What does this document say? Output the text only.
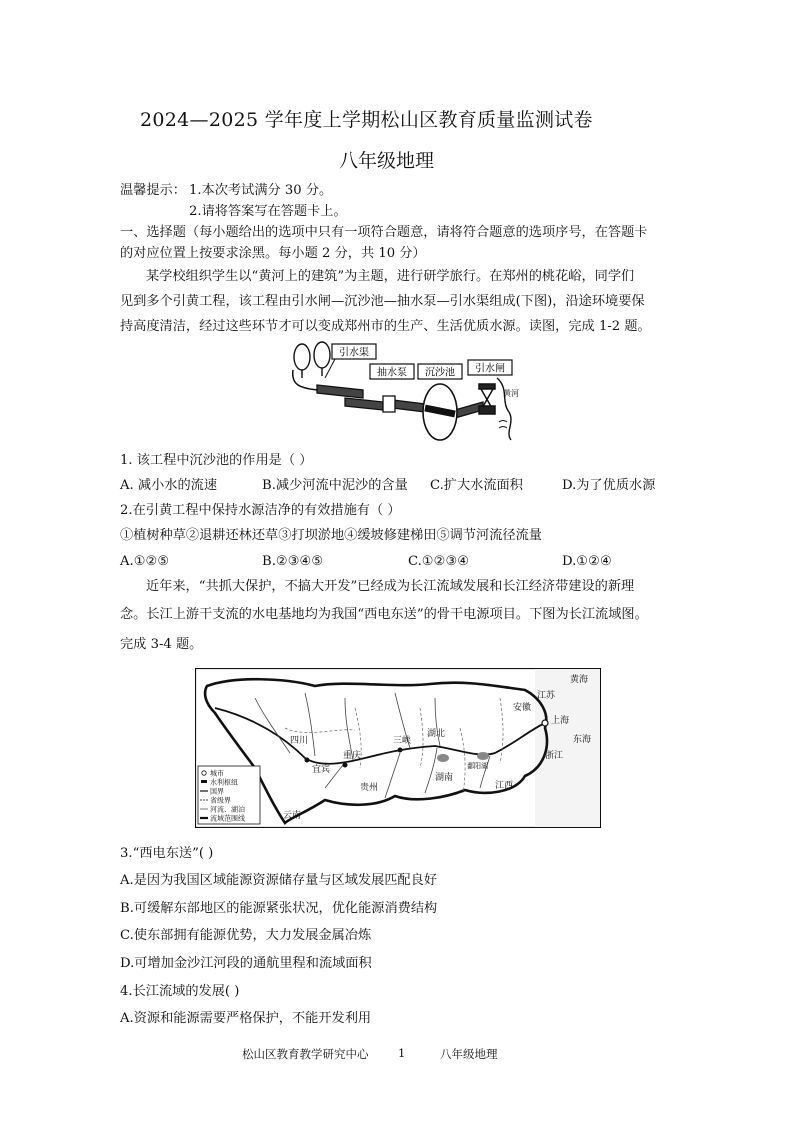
2024—2025 学年度上学期松山区教育质量监测试卷
八年级地理
温馨提示： 1.本次考试满分 30 分。
2.请将答案写在答题卡上。
一、选择题（每小题给出的选项中只有一项符合题意，请将符合题意的选项序号，在答题卡
的对应位置上按要求涂黑。每小题 2 分，共 10 分）
某学校组织学生以“黄河上的建筑”为主题，进行研学旅行。在郑州的桃花峪，同学们
见到多个引黄工程，该工程由引水闸—沉沙池—抽水泵—引水渠组成(下图)，沿途环境要保
持高度清洁，经过这些环节才可以变成郑州市的生产、生活优质水源。读图，完成 1-2 题。
引水渠
抽水泵 沉沙池 引水闸
黄河
1. 该工程中沉沙池的作用是（ ）
A. 减小水的流速	B.减少河流中泥沙的含量 C.扩大水流面积	D.为了优质水源
2.在引黄工程中保持水源洁净的有效措施有（ ）
①植树种草②退耕还林还草③打坝淤地④缓坡修建梯田⑤调节河流径流量
A.①②⑤	B.②③④⑤	C.①②③④	D.①②④
近年来，“共抓大保护，不搞大开发”已经成为长江流域发展和长江经济带建设的新理
念。长江上游干支流的水电基地均为我国“西电东送”的骨干电源项目。下图为长江流域图。
完成 3-4 题。
四川
重庆
宜宾
贵州
云南
湖北
湖南
江西
安徽
江苏
浙江
上海
三峡
鄱阳湖
东海
黄海
城市
水利枢纽
国界
省级界
河流、湖泊
流域范围线
3.“西电东送”( )
A.是因为我国区域能源资源储存量与区域发展匹配良好
B.可缓解东部地区的能源紧张状况，优化能源消费结构
C.使东部拥有能源优势，大力发展金属冶炼
D.可增加金沙江河段的通航里程和流域面积
4.长江流域的发展( )
A.资源和能源需要严格保护，不能开发利用
松山区教育教学研究中心	1	八年级地理
